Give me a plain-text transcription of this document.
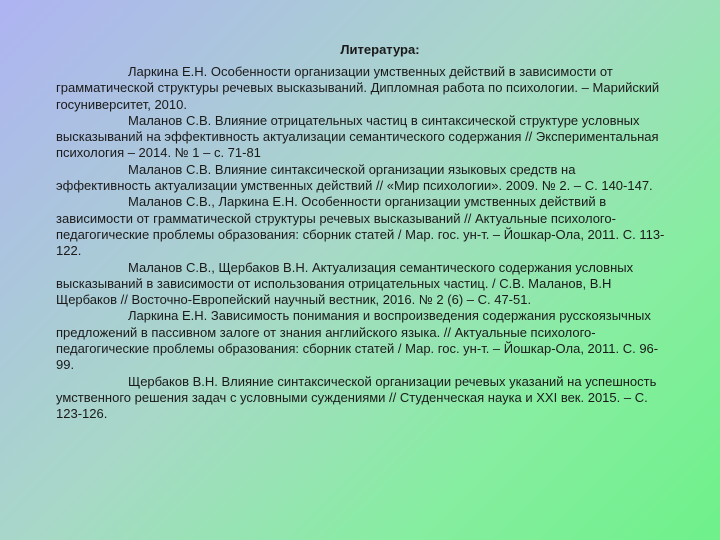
Литература:

Ларкина Е.Н. Особенности организации умственных действий в зависимости от грамматической структуры речевых высказываний. Дипломная работа по психологии. – Марийский госуниверситет, 2010.

Маланов С.В. Влияние отрицательных частиц в синтаксической структуре условных высказываний на эффективность актуализации семантического содержания // Экспериментальная психология – 2014. № 1 – с. 71-81

Маланов С.В. Влияние синтаксической организации языковых средств на эффективность актуализации умственных действий // «Мир психологии». 2009. № 2. – С. 140-147.

Маланов С.В., Ларкина Е.Н. Особенности организации умственных действий в зависимости от грамматической структуры речевых высказываний // Актуальные психолого-педагогические проблемы образования: сборник статей / Мар. гос. ун-т. – Йошкар-Ола, 2011. С. 113-122.

Маланов С.В., Щербаков В.Н. Актуализация семантического содержания условных высказываний в зависимости от использования отрицательных частиц. / С.В. Маланов, В.Н Щербаков // Восточно-Европейский научный вестник, 2016. № 2 (6) – С. 47-51.

Ларкина Е.Н. Зависимость понимания и воспроизведения содержания русскоязычных предложений в пассивном залоге от знания английского языка. // Актуальные психолого-педагогические проблемы образования: сборник статей / Мар. гос. ун-т. – Йошкар-Ола, 2011. С. 96-99.

Щербаков В.Н. Влияние синтаксической организации речевых указаний на успешность умственного решения задач с условными суждениями // Студенческая наука и XXI век. 2015. – С. 123-126.
